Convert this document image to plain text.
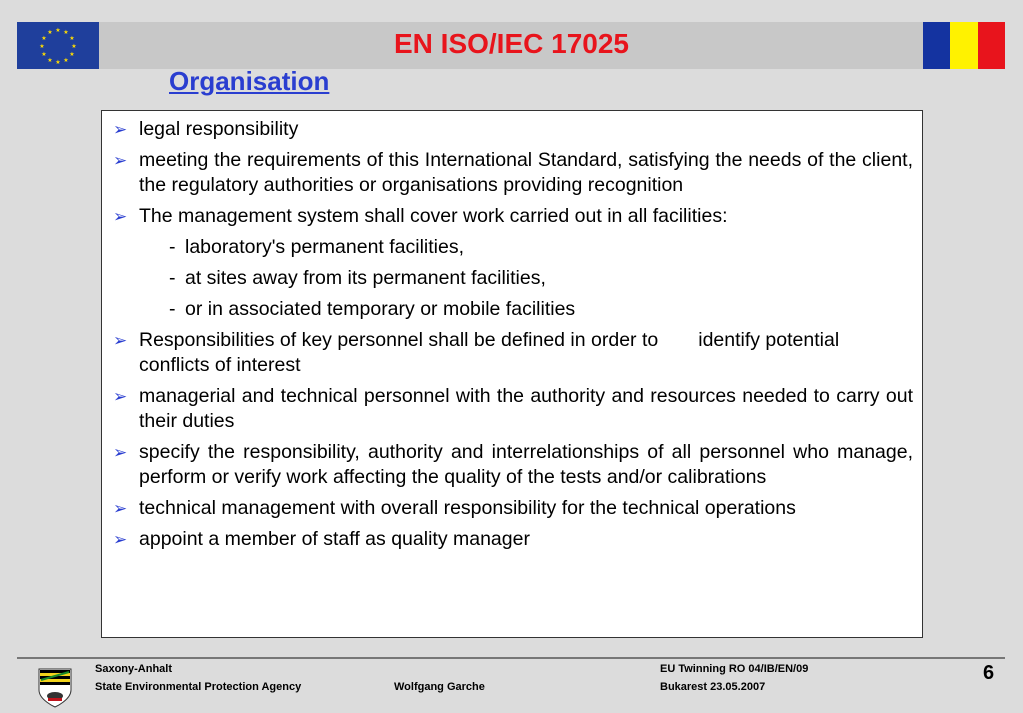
★ ★
★
★
★
★
★
★
★
★
★
★	EN ISO/IEC 17025
Organisation
➢ legal responsibility
➢ meeting the requirements of this International Standard, satisfying the needs of the client, the regulatory authorities or organisations providing recognition
➢ The management system shall cover work carried out in all facilities:
- laboratory's permanent facilities,
- at sites away from its permanent facilities,
- or in associated temporary or mobile facilities
➢ Responsibilities of key personnel shall be defined in order to identify potential conflicts of interest
➢ managerial and technical personnel with the authority and resources needed to carry out their duties
➢ specify the responsibility, authority and interrelationships of all personnel who manage, perform or verify work affecting the quality of the tests and/or calibrations
➢ technical management with overall responsibility for the technical operations
➢ appoint a member of staff as quality manager
Saxony-Anhalt
State Environmental Protection Agency	Wolfgang Garche
EU Twinning RO 04/IB/EN/09
Bukarest 23.05.2007
6
